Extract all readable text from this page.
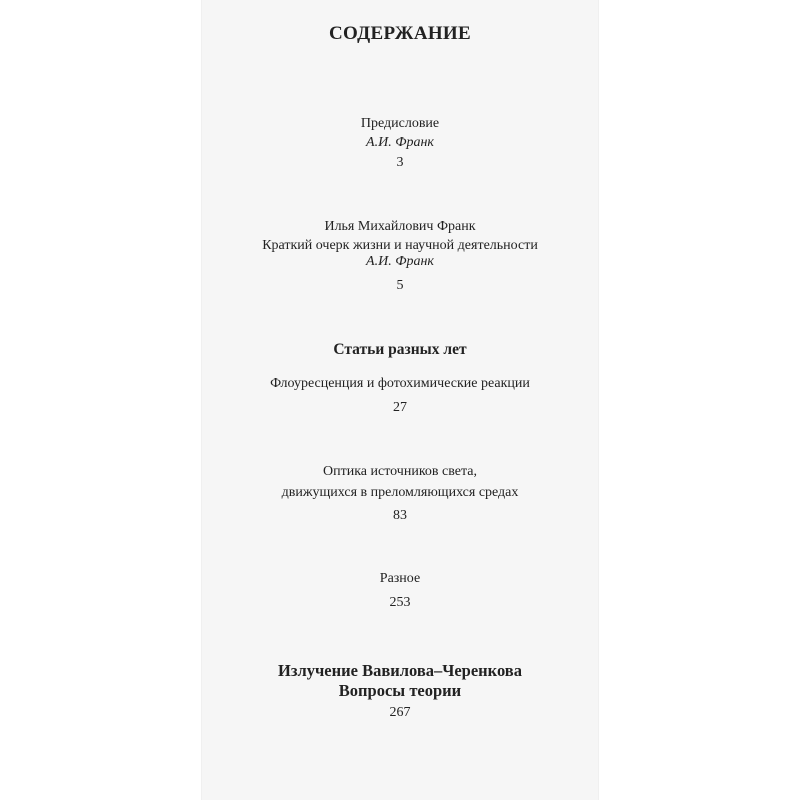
СОДЕРЖАНИЕ
Предисловие
А.И. Франк
3
Илья Михайлович Франк
Краткий очерк жизни и научной деятельности
А.И. Франк
5
Статьи разных лет
Флоуресценция и фотохимические реакции
27
Оптика источников света,
движущихся в преломляющихся средах
83
Разное
253
Излучение Вавилова–Черенкова
Вопросы теории
267
